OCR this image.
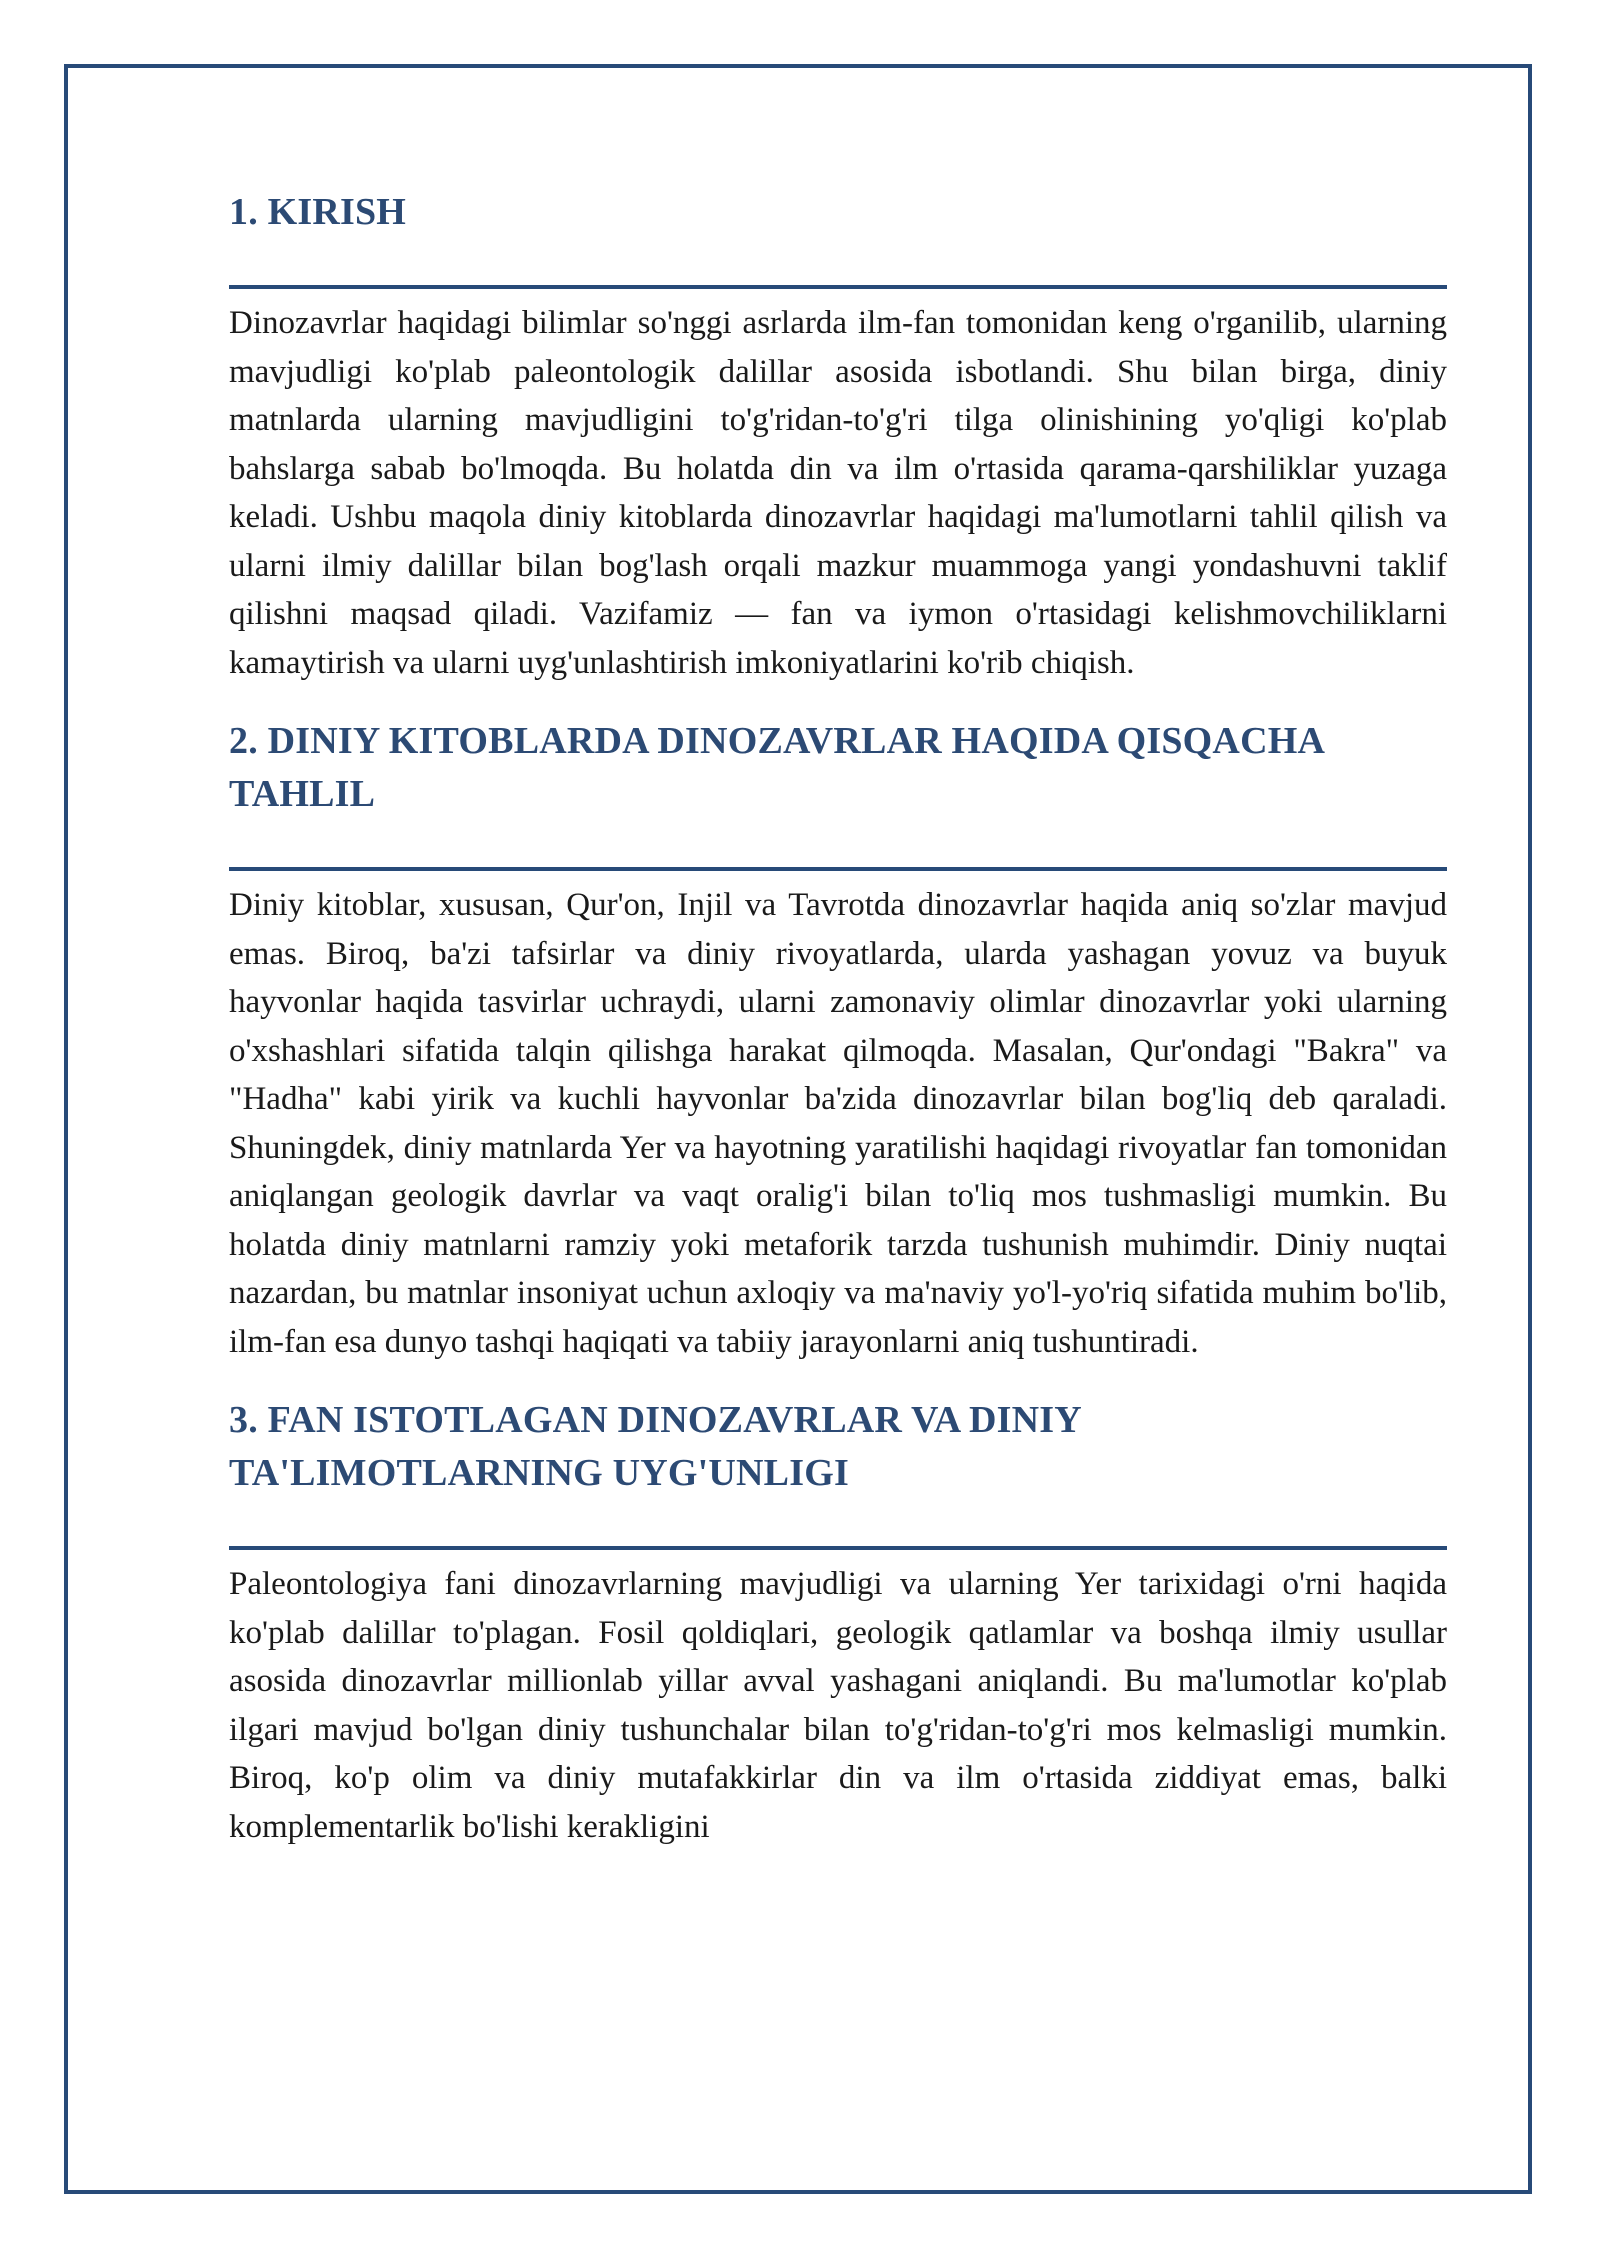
1. KIRISH

Dinozavrlar haqidagi bilimlar so'nggi asrlarda ilm-fan tomonidan keng o'rganilib, ularning mavjudligi ko'plab paleontologik dalillar asosida isbotlandi. Shu bilan birga, diniy matnlarda ularning mavjudligini to'g'ridan-to'g'ri tilga olinishining yo'qligi ko'plab bahslarga sabab bo'lmoqda. Bu holatda din va ilm o'rtasida qarama-qarshiliklar yuzaga keladi. Ushbu maqola diniy kitoblarda dinozavrlar haqidagi ma'lumotlarni tahlil qilish va ularni ilmiy dalillar bilan bog'lash orqali mazkur muammoga yangi yondashuvni taklif qilishni maqsad qiladi. Vazifamiz — fan va iymon o'rtasidagi kelishmovchiliklarni kamaytirish va ularni uyg'unlashtirish imkoniyatlarini ko'rib chiqish.

2. DINIY KITOBLARDA DINOZAVRLAR HAQIDA QISQACHA TAHLIL

Diniy kitoblar, xususan, Qur'on, Injil va Tavrotda dinozavrlar haqida aniq so'zlar mavjud emas. Biroq, ba'zi tafsirlar va diniy rivoyatlarda, ularda yashagan yovuz va buyuk hayvonlar haqida tasvirlar uchraydi, ularni zamonaviy olimlar dinozavrlar yoki ularning o'xshashlari sifatida talqin qilishga harakat qilmoqda. Masalan, Qur'ondagi "Bakra" va "Hadha" kabi yirik va kuchli hayvonlar ba'zida dinozavrlar bilan bog'liq deb qaraladi. Shuningdek, diniy matnlarda Yer va hayotning yaratilishi haqidagi rivoyatlar fan tomonidan aniqlangan geologik davrlar va vaqt oralig'i bilan to'liq mos tushmasligi mumkin. Bu holatda diniy matnlarni ramziy yoki metaforik tarzda tushunish muhimdir. Diniy nuqtai nazardan, bu matnlar insoniyat uchun axloqiy va ma'naviy yo'l-yo'riq sifatida muhim bo'lib, ilm-fan esa dunyo tashqi haqiqati va tabiiy jarayonlarni aniq tushuntiradi.

3. FAN ISTOTLAGAN DINOZAVRLAR VA DINIY TA'LIMOTLARNING UYG'UNLIGI

Paleontologiya fani dinozavrlarning mavjudligi va ularning Yer tarixidagi o'rni haqida ko'plab dalillar to'plagan. Fosil qoldiqlari, geologik qatlamlar va boshqa ilmiy usullar asosida dinozavrlar millionlab yillar avval yashagani aniqlandi. Bu ma'lumotlar ko'plab ilgari mavjud bo'lgan diniy tushunchalar bilan to'g'ridan-to'g'ri mos kelmasligi mumkin. Biroq, ko'p olim va diniy mutafakkirlar din va ilm o'rtasida ziddiyat emas, balki komplementarlik bo'lishi kerakligini
